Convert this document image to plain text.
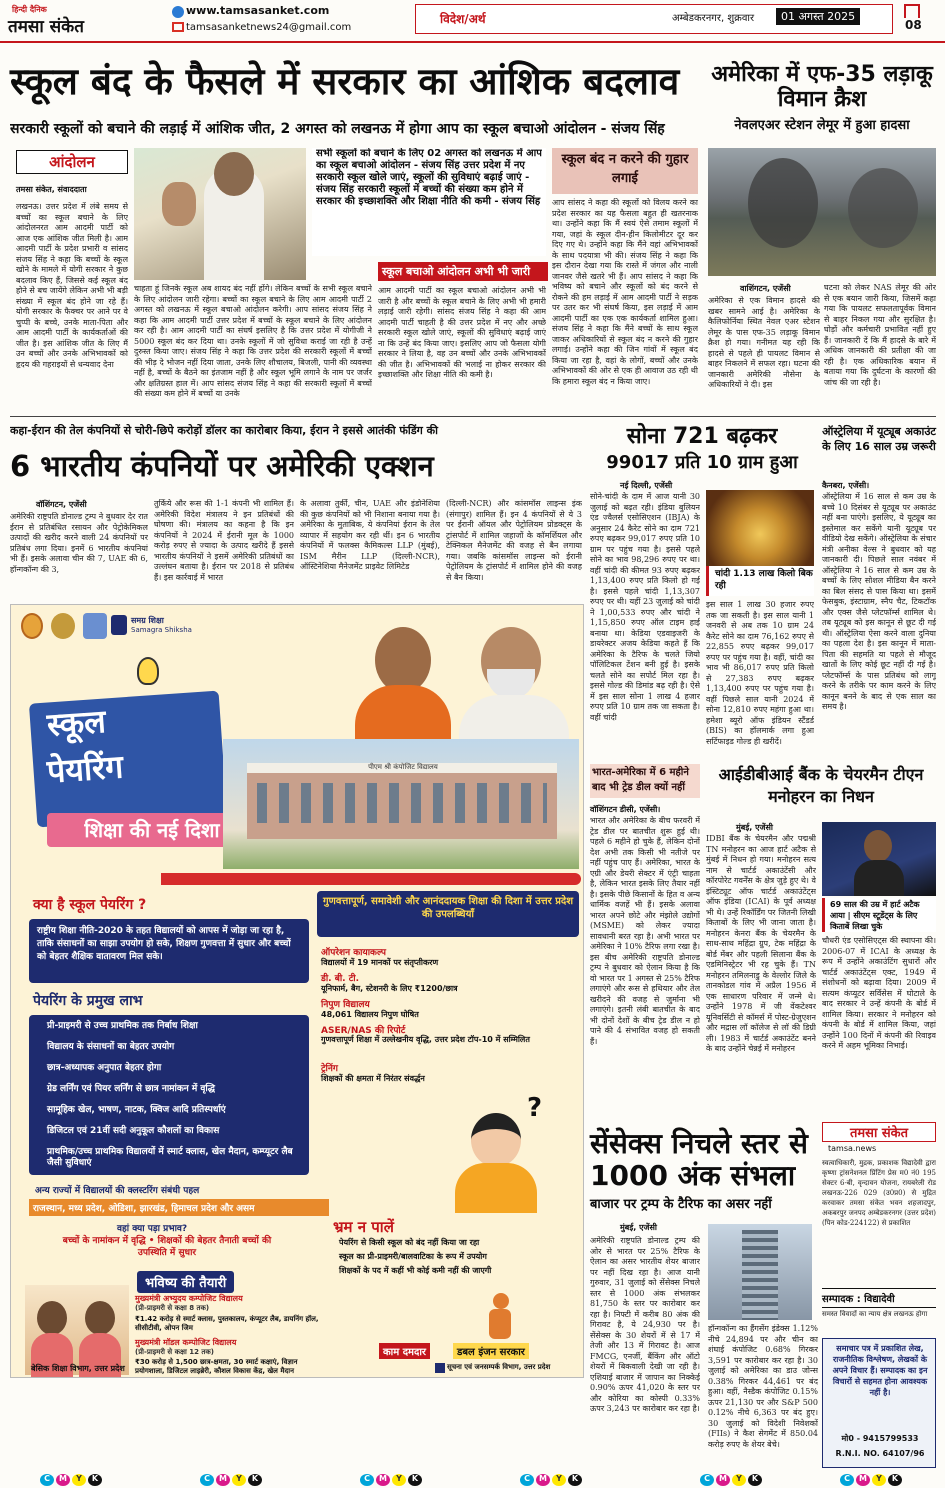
हिन्दी दैनिक
तमसा संकेत
www.tamsasanket.com
tamsasanketnews24@gmail.com
विदेश/अर्थ	अम्बेडकरनगर, शुक्रवार	01 अगस्त 2025
08
स्कूल बंद के फैसले में सरकार का आंशिक बदलाव
सरकारी स्कूलों को बचाने की लड़ाई में आंशिक जीत, 2 अगस्त को लखनऊ में होगा आप का स्कूल बचाओ आंदोलन - संजय सिंह
आंदोलन
तमसा संकेत, संवाददाता
लखनऊ। उत्तर प्रदेश में लंबे समय से बच्चों का स्कूल बचाने के लिए आंदोलनरत आम आदमी पार्टी को आज एक आंशिक जीत मिली है। आम आदमी पार्टी के प्रदेश प्रभारी व सांसद संजय सिंह ने कहा कि बच्चों के स्कूल खोने के मामले में योगी सरकार ने कुछ बदलाव किए हैं, जिससे कई स्कूल बंद होने से बच जायेंगे लेकिन अभी भी बड़ी संख्या में स्कूल बंद होने जा रहे हैं। योगी सरकार के फैक्चर पर आने पर वे चुप्पी के बच्चे, उनके माता-पिता और आम आदमी पार्टी के कार्यकर्ताओं की जीत है। इस आंशिक जीत के लिए मैं उन बच्चों और उनके अभिभावकों को हृदय की गहराइयों से धन्यवाद देना
सभी स्कूलों को बचाने के लिए 02 अगस्त को लखनऊ में आप का स्कूल बचाओ आंदोलन - संजय सिंह उत्तर प्रदेश में नए सरकारी स्कूल खोले जाएं, स्कूलों की सुविधाएं बढ़ाई जाएं - संजय सिंह सरकारी स्कूलों में बच्चों की संख्या कम होने में सरकार की इच्छाशक्ति और शिक्षा नीति की कमी - संजय सिंह
स्कूल बचाओ आंदोलन अभी भी जारी
चाहता हूं जिनके स्कूल अब शायद बंद नहीं होंगे। लेकिन बच्चों के सभी स्कूल बचाने के लिए आंदोलन जारी रहेगा। बच्चों का स्कूल बचाने के लिए आम आदमी पार्टी 2 अगस्त को लखनऊ में स्कूल बचाओ आंदोलन करेगी। आप सांसद संजय सिंह ने कहा कि आम आदमी पार्टी उत्तर प्रदेश में बच्चों के स्कूल बचाने के लिए आंदोलन कर रही है। आम आदमी पार्टी का संघर्ष इसलिए है कि उत्तर प्रदेश में योगीजी ने 5000 स्कूल बंद कर दिया था। उनके स्कूलों में जो सुविधा कराई जा रही है उन्हें दुरुस्त किया जाए। संजय सिंह ने कहा कि उत्तर प्रदेश की सरकारी स्कूलों में बच्चों की भीड़ दे भोजन नहीं दिया जाता, उनके लिए शौचालय, बिजली, पानी की व्यवस्था नहीं है, बच्चों के बैठने का इंतजाम नहीं है और स्कूल भूमि लगाने के नाम पर जर्जर और क्षतिग्रस्त हाल में। आप सांसद संजय सिंह ने कहा की सरकारी स्कूलों में बच्चों की संख्या कम होने में बच्चों या उनके
आम आदमी पार्टी का स्कूल बचाओ आंदोलन अभी भी जारी है और बच्चों के स्कूल बचाने के लिए अभी भी हमारी लड़ाई जारी रहेगी। सांसद संजय सिंह ने कहा की आम आदमी पार्टी चाहती है की उत्तर प्रदेश में नए और अच्छे सरकारी स्कूल खोले जाएं, स्कूलों की सुविधाएं बढ़ाई जाएं ना कि उन्हें बंद किया जाए। इसलिए आप जो फैसला योगी सरकार ने लिया है, वह उन बच्चों और उनके अभिभावकों की जीत है। अभिभावकों की भलाई ना होकर सरकार की इच्छाशक्ति और शिक्षा नीति की कमी है।
स्कूल बंद न करने की गुहार लगाई
आप सांसद ने कहा की स्कूलों को विलय करने का प्रदेश सरकार का यह फैसला बहुत ही खतरनाक था। उन्होंने कहा कि मैं स्वयं ऐसे तमाम स्कूलों में गया, जहां के स्कूल दीन-हीन किलोमीटर दूर कर दिए गए थे। उन्होंने कहा कि मैंने वहां अभिभावकों के साथ पदयात्रा भी की। संजय सिंह ने कहा कि इस दौरान देखा गया कि रास्ते में जंगल और नाली जानवर जैसे खतरे भी हैं। आप सांसद ने कहा कि भविष्य को बचाने और स्कूलों को बंद करने से रोकने की हम लड़ाई में आम आदमी पार्टी ने सड़क पर उतर कर भी संघर्ष किया, इस लड़ाई में आम आदमी पार्टी का एक एक कार्यकर्ता शामिल हुआ। संजय सिंह ने कहा कि मैंने बच्चों के साथ स्कूल जाकर अधिकारियों से स्कूल बंद न करने की गुहार लगाई। उन्होंने कहा की जिन गांवों में स्कूल बंद किया जा रहा है, वहां के लोगों, बच्चों और उनके अभिभावकों की ओर से एक ही आवाज उठ रही थी कि हमारा स्कूल बंद न किया जाए।
अमेरिका में एफ-35 लड़ाकू विमान क्रैश
नेवलएअर स्टेशन लेमूर में हुआ हादसा
वाशिंगटन, एजेंसी
अमेरिका से एक विमान हादसे की खबर सामने आई है। अमेरिका के कैलिफोर्निया स्थित नेवल एअर स्टेशन लेमूर के पास एफ-35 लड़ाकू विमान क्रैश हो गया। गनीमत यह रही कि हादसे से पहले ही पायलट विमान से बाहर निकलने में सफल रहा। घटना की जानकारी अमेरिकी नौसेना के अधिकारियों ने दी। इस
घटना को लेकर NAS लेमूर की ओर से एक बयान जारी किया, जिसमें कहा गया कि पायलट सफलतापूर्वक विमान से बाहर निकल गया और सुरक्षित है। घोड़ों और कर्मचारी प्रभावित नहीं हुए हैं। जानकारी दें कि मैं हादसे के बारे में अधिक जानकारी की प्रतीक्षा की जा रही है। एक अधिकारिक बयान में बताया गया कि दुर्घटना के कारणों की जांच की जा रही है।
कहा-ईरान की तेल कंपनियों से चोरी-छिपे करोड़ों डॉलर का कारोबार किया, ईरान ने इससे आतंकी फंडिंग की
6 भारतीय कंपनियों पर अमेरिकी एक्शन
वॉशिंगटन, एजेंसी
अमेरिकी राष्ट्रपति डोनाल्ड ट्रम्प ने बुधवार देर रात ईरान से प्रतिबंधित रसायन और पेट्रोकेमिकल उत्पादों की खरीद करने वाली 24 कंपनियों पर प्रतिबंध लगा दिया। इनमें 6 भारतीय कंपनियां भी हैं। इसके अलावा चीन की 7, UAE की 6, हॉन्गकॉन्ग की 3,
तुर्किये और रूस की 1-1 कंपनी भी शामिल हैं। अमेरिकी विदेश मंत्रालय ने इन प्रतिबंधों की घोषणा की। मंत्रालय का कहना है कि इन कंपनियों ने 2024 में ईरानी मूल के 1000 करोड़ रुपए से ज्यादा के उत्पाद खरीदे हैं इससे भारतीय कंपनियों ने इसमें अमेरिकी प्रतिबंधों का उल्लंघन बताया है। ईरान पर 2018 से प्रतिबंध हैं। इस कार्रवाई में भारत
के अलावा तुर्की, चीन, UAE और इंडोनेशिया की कुछ कंपनियों को भी निशाना बनाया गया है। अमेरिका के मुताबिक, ये कंपनियां ईरान के तेल व्यापार में सहयोग कर रही थीं। इन 6 भारतीय कंपनियों में फलक्स कैमिकल्स LLP (मुंबई), ISM मैरीन LLP (दिल्ली-NCR), ऑस्टिनेशिया मैनेजमेंट प्राइवेट लिमिटेड
(दिल्ली-NCR) और कांसमॉस लाइन्स इंक (संगापुर) शामिल हैं। इन 4 कंपनियों से ये 3 पर ईरानी ऑयल और पेट्रोलियम प्रोडक्ट्स के ट्रांसपोर्ट में शामिल जहाजों के कॉमर्शियल और टेक्निकल मैनेजमेंट की वजह से बैन लगाया गया। जबकि कांसमॉस लाइन्स को ईरानी पेट्रोलियम के ट्रांसपोर्ट में शामिल होने की वजह से बैन किया।
सोना 721 बढ़कर
99017 प्रति 10 ग्राम हुआ
नई दिल्ली, एजेंसी
सोने-चांदी के दाम में आज यानी 30 जुलाई को बढ़त रही। इंडिया बुलियन एंड ज्वैलर्स एसोसिएशन (IBJA) के अनुसार 24 कैरेट सोने का दाम 721 रुपए बढ़कर 99,017 रुपए प्रति 10 ग्राम पर पहुंच गया है। इससे पहले सोने का भाव 98,296 रुपए पर था। वहीं चांदी की कीमत 93 रुपए बढ़कर 1,13,400 रुपए प्रति किलो हो गई है। इससे पहले चांदी 1,13,307 रुपए पर थी। यहीं 23 जुलाई को चांदी ने 1,00,533 रुपए और चांदी ने 1,15,850 रुपए ऑल टाइम हाई बनाया था। केडिया एडवाइजरी के डायरेक्टर अजय केडिया कहते हैं कि अमेरिका के टैरिफ के चलते जियो पॉलिटिकल टेंशन बनी हुई है। इसके चलते सोने का सपोर्ट मिल रहा है। इससे गोल्ड की डिमांड बढ़ रही है। ऐसे में इस साल सोना 1 लाख 4 हजार रुपए प्रति 10 ग्राम तक जा सकता है। वहीं चांदी
चांदी 1.13 लाख किलो बिक रही
इस साल 1 लाख 30 हजार रुपए तक जा सकती है। इस साल यानी 1 जनवरी से अब तक 10 ग्राम 24 कैरेट सोने का दाम 76,162 रुपए से 22,855 रुपए बढ़कर 99,017 रुपए पर पहुंच गया है। वहीं, चांदी का भाव भी 86,017 रुपए प्रति किलो से 27,383 रुपए बढ़कर 1,13,400 रुपए पर पहुंच गया है। वहीं पिछले साल यानी 2024 में सोना 12,810 रुपए महंगा हुआ था। हमेशा ब्यूरो ऑफ इंडियन स्टैंडर्ड (BIS) का हॉलमार्क लगा हुआ सर्टिफाइड गोल्ड ही खरीदें।
भारत-अमेरिका में 6 महीने बाद भी ट्रेड डील क्यों नहीं
वॉशिंगटन डीसी, एजेंसी।
भारत और अमेरिका के बीच फरवरी में ट्रेड डील पर बातचीत शुरू हुई थी। पहले 6 महीने हो चुके हैं, लेकिन दोनों देश अभी तक किसी भी नतीजे पर नहीं पहुंच पाए हैं। अमेरिका, भारत के एग्री और डेयरी सेक्टर में एंट्री चाहता है, लेकिन भारत इसके लिए तैयार नहीं है। इसके पीछे किसानों के हित व अन्य धार्मिक वजहें भी हैं। इसके अलावा भारत अपने छोटे और मंझोले उद्योगों (MSME) को लेकर ज्यादा सावधानी बरत रहा है। अभी भारत पर अमेरिका ने 10% टैरिफ लगा रखा है। इस बीच अमेरिकी राष्ट्रपति डोनाल्ड ट्रम्प ने बुधवार को ऐलान किया है कि वो भारत पर 1 अगस्त से 25% टैरिफ लगाएंगे और रूस से हथियार और तेल खरीदने की वजह से जुर्माना भी लगाएंगे। इतनी लंबी बातचीत के बाद भी दोनों देशों के बीच ट्रेड डील न हो पाने की 4 संभावित वजह हो सकती हैं।
ऑस्ट्रेलिया में यूट्यूब अकाउंट के लिए 16 साल उम्र जरूरी
कैनबरा, एजेंसी।
ऑस्ट्रेलिया में 16 साल से कम उम्र के बच्चे 10 दिसंबर से यूट्यूब पर अकाउंट नहीं बना पाएंगे। इसलिए, ये यूट्यूब का इस्तेमाल कर सकेंगे यानी यूट्यूब पर वीडियो देख सकेंगे। ऑस्ट्रेलिया के संचार मंत्री अनीका वेल्स ने बुधवार को यह जानकारी दी। पिछले साल नवंबर में ऑस्ट्रेलिया ने 16 साल से कम उम्र के बच्चों के लिए सोशल मीडिया बैन करने का बिल संसद से पास किया था। इसमें फेसबुक, इंस्टाग्राम, स्नैप चैट, टिकटॉक और एक्स जैसे प्लेटफॉर्म्स शामिल थे। तब यूट्यूब को इस कानून से छूट दी गई थी। ऑस्ट्रेलिया ऐसा करने वाला दुनिया का पहला देश है। इस कानून में माता-पिता की सहमति या पहले से मौजूद खातों के लिए कोई छूट नहीं दी गई है। प्लेटफॉर्म्स के पास प्रतिबंध को लागू करने के तरीके पर काम करने के लिए कानून बनने के बाद से एक साल का समय है।
आईडीबीआई बैंक के चेयरमैन टीएन मनोहरन का निधन
मुंबई, एजेंसी
IDBI बैंक के चेयरमैन और पद्मश्री TN मनोहरन का आज हार्ट अटैक से मुंबई में निधन हो गया। मनोहरन सत्य नाम से चार्टर्ड अकाउंटेंसी और कॉरपोरेट गवर्नेंस के क्षेत्र जुड़े हुए थे। वे इंस्टिट्यूट ऑफ चार्टर्ड अकाउंटेंट्स ऑफ इंडिया (ICAI) के पूर्व अध्यक्ष भी थे। उन्हें रिकॉर्डिंग पर जितनी लिखी किताबों के लिए भी जाना जाता है। मनोहरन केनरा बैंक के चेयरमैन के साथ-साथ महिंद्रा ग्रुप, टेक महिंद्रा के बोर्ड मेंबर और पहली सिलाना बैंक के एडमिनिस्ट्रेटर भी रह चुके हैं। TN मनोहरन तमिलनाडु के वेल्लोर जिले के तानकोडल गांव में अप्रैल 1956 में एक साधारण परिवार में जन्मे थे। उन्होंने 1978 में जी वेंकटेश्वर यूनिवर्सिटी से कॉमर्स में पोस्ट-ग्रेजुएशन और मद्रास लॉ कॉलेज से लॉ की डिग्री ली। 1983 में चार्टर्ड अकाउंटेंट बनने के बाद उन्होंने चेन्नई में मनोहरन
69 साल की उम्र में हार्ट अटैक आया | सीएम स्टूडेंट्स के लिए किताबें लिखा चुके
चौधरी एंड एसोसिएट्स की स्थापना की। 2006-07 में ICAI के अध्यक्ष के रूप में उन्होंने अकाउंटिंग सुधारों और चार्टर्ड अकाउंटेंट्स एक्ट, 1949 में संशोधनों को बढ़ावा दिया। 2009 में सत्यम कंप्यूटर सर्विसेस में घोटाले के बाद सरकार ने उन्हें कंपनी के बोर्ड में शामिल किया। सरकार ने मनोहरन को कंपनी के बोर्ड में शामिल किया, जहां उन्होंने 100 दिनों में कंपनी की रिवाइव करने में अहम भूमिका निभाई।
सेंसेक्स निचले स्तर से 1000 अंक संभला
बाजार पर ट्रम्प के टैरिफ का असर नहीं
मुंबई, एजेंसी
अमेरिकी राष्ट्रपति डोनाल्ड ट्रम्प की ओर से भारत पर 25% टैरिफ के ऐलान का असर भारतीय शेयर बाजार पर नहीं दिख रहा है। आज यानी गुरुवार, 31 जुलाई को सेंसेक्स निचले स्तर से 1000 अंक संभलकर 81,750 के स्तर पर कारोबार कर रहा है। निफ्टी में करीब 80 अंक की गिरावट है, ये 24,930 पर है। सेंसेक्स के 30 शेयरों में से 17 में तेजी और 13 में गिरावट है। आज FMCG, एनर्जी, बैंकिंग और ऑटो शेयरों में बिकवाली देखी जा रही है। एशियाई बाजार में जापान का निक्केई 0.90% ऊपर 41,020 के स्तर पर और कोरिया का कोस्पी 0.33% ऊपर 3,243 पर कारोबार कर रहा है।
हॉन्गकॉन्ग का हैंगसेंग इंडेक्स 1.12% नीचे 24,894 पर और चीन का शंघाई कंपोजिट 0.68% गिरकर 3,591 पर कारोबार कर रहा है। 30 जुलाई को अमेरिका का डाउ जोन्स 0.38% गिरकर 44,461 पर बंद हुआ। वहीं, नैस्डैक कंपोजिट 0.15% ऊपर 21,130 पर और S&P 500 0.12% नीचे 6,363 पर बंद हुए। 30 जुलाई को विदेशी निवेशकों (FIIs) ने कैश सेगमेंट में 850.04 करोड़ रुपए के शेयर बेचे।
तमसा संकेत
tamsa.news
स्वत्वाधिकारी, मुद्रक, प्रकाशक विद्यादेवी द्वारा कृष्णा ट्रांसनेशनल प्रिंटिंग प्रेस म0 नं0 195 सेक्टर 6-बी, वृन्दावन योजना, रायबरेली रोड लखनऊ-226 029 (उ0प्र0) से मुद्रित करवाकर तमसा संकेत भवन शहजादपुर, अकबरपुर जनपद अम्बेडकरनगर (उत्तर प्रदेश) (पिन कोड-224122) से प्रकाशित
सम्पादक : विद्यादेवी
समस्त विवादों का न्याय क्षेत्र लखनऊ होगा
समाचार पत्र में प्रकाशित लेख, राजनीतिक विश्लेषण, लेखकों के अपने विचार हैं। सम्पादक का इन विचारों से सहमत होना आवश्यक नहीं है।
मो0 - 9415799533
R.N.I. NO. 64107/96
समग्र शिक्षा
Samagra Shiksha
स्कूल
पेयरिंग
शिक्षा की नई दिशा
पीएम श्री कंपोजिट विद्यालय
क्या है स्कूल पेयरिंग ?
राष्ट्रीय शिक्षा नीति-2020 के तहत विद्यालयों को आपस में जोड़ा जा रहा है, ताकि संसाधनों का साझा उपयोग हो सके, शिक्षण गुणवत्ता में सुधार और बच्चों को बेहतर शैक्षिक वातावरण मिल सके।
पेयरिंग के प्रमुख लाभ
प्री-प्राइमरी से उच्च प्राथमिक तक निर्बाध शिक्षा
विद्यालय के संसाधनों का बेहतर उपयोग
छात्र-अध्यापक अनुपात बेहतर होगा
ग्रेड लर्निंग एवं पियर लर्निंग से छात्र नामांकन में वृद्धि
सामूहिक खेल, भाषण, नाटक, क्विज आदि प्रतिस्पर्धाएं
डिजिटल एवं 21वीं सदी अनुकूल कौशलों का विकास
प्राथमिक/उच्च प्राथमिक विद्यालयों में स्मार्ट क्लास, खेल मैदान, कम्प्यूटर लैब जैसी सुविधाएं
अन्य राज्यों में विद्यालयों की क्लस्टरिंग संबंधी पहल
राजस्थान, मध्य प्रदेश, ओडिशा, झारखंड, हिमाचल प्रदेश और असम
वहां क्या पड़ा प्रभाव?
बच्चों के नामांकन में वृद्धि • शिक्षकों की बेहतर तैनाती बच्चों की उपस्थिति में सुधार
भविष्य की तैयारी
मुख्यमंत्री अभ्युदय कम्पोजिट विद्यालय
(प्री-प्राइमरी से कक्षा 8 तक)
₹1.42 करोड़ से स्मार्ट क्लास, पुस्तकालय, कंप्यूटर लैब, डायनिंग हॉल, सीसीटीवी, ओपन जिम
मुख्यमंत्री मॉडल कम्पोजिट विद्यालय
(प्री-प्राइमरी से कक्षा 12 तक)
₹30 करोड़ से 1,500 छात्र-क्षमता, 30 स्मार्ट कक्षाएं, विज्ञान प्रयोगशाला, डिजिटल लाइब्रेरी, कौशल विकास केंद्र, खेल मैदान
गुणवत्तापूर्ण, समावेशी और आनंददायक शिक्षा की दिशा में उत्तर प्रदेश की उपलब्धियाँ
ऑपरेशन कायाकल्प
विद्यालयों में 19 मानकों पर संतृप्तीकरण
डी. बी. टी.
यूनिफार्म, बैग, स्टेशनरी के लिए ₹1200/छात्र
निपुण विद्यालय
48,061 विद्यालय निपुण घोषित
ASER/NAS की रिपोर्ट
गुणवत्तापूर्ण शिक्षा में उल्लेखनीय वृद्धि, उत्तर प्रदेश टॉप-10 में सम्मिलित
ट्रेनिंग
शिक्षकों की क्षमता में निरंतर संवर्द्धन
?
भ्रम न पालें
पेयरिंग से किसी स्कूल को बंद नहीं किया जा रहा
स्कूल का प्री-प्राइमरी/बालवाटिका के रूप में उपयोग
शिक्षकों के पद में कहीं भी कोई कमी नहीं की जाएगी
काम दमदार	डबल इंजन सरकार
बेसिक शिक्षा विभाग, उत्तर प्रदेश	सूचना एवं जनसम्पर्क विभाग, उत्तर प्रदेश
C	M	Y	K	C	M	Y	K	C	M	Y	K	C	M	Y	K	C	M	Y	K	C	M	Y	K
